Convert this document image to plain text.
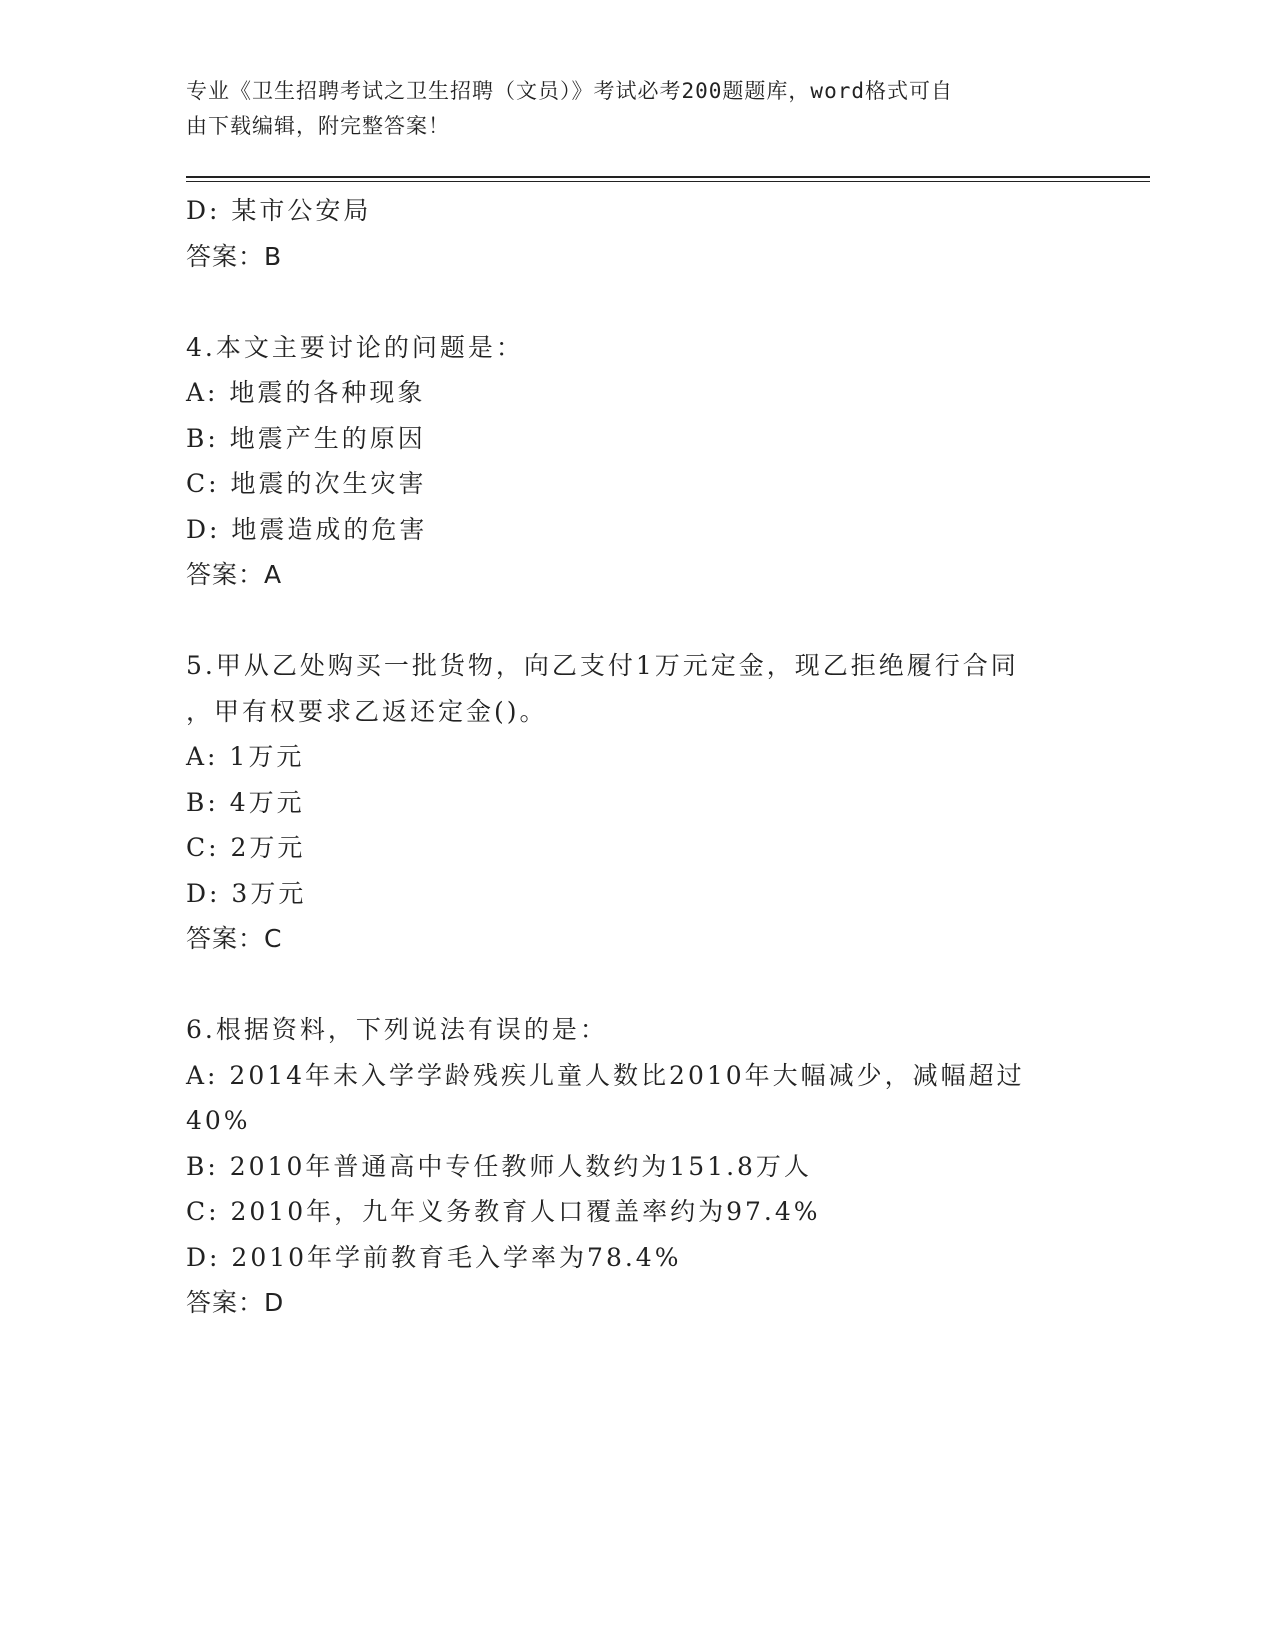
专业《卫生招聘考试之卫生招聘（文员）》考试必考200题题库，word格式可自
由下载编辑，附完整答案！
D: 某市公安局
答案：B
4.本文主要讨论的问题是：
A: 地震的各种现象
B: 地震产生的原因
C: 地震的次生灾害
D: 地震造成的危害
答案：A
5.甲从乙处购买一批货物，向乙支付1万元定金，现乙拒绝履行合同
，甲有权要求乙返还定金()。
A: 1万元
B: 4万元
C: 2万元
D: 3万元
答案：C
6.根据资料，下列说法有误的是：
A: 2014年未入学学龄残疾儿童人数比2010年大幅减少，减幅超过
40%
B: 2010年普通高中专任教师人数约为151.8万人
C: 2010年，九年义务教育人口覆盖率约为97.4%
D: 2010年学前教育毛入学率为78.4%
答案：D
